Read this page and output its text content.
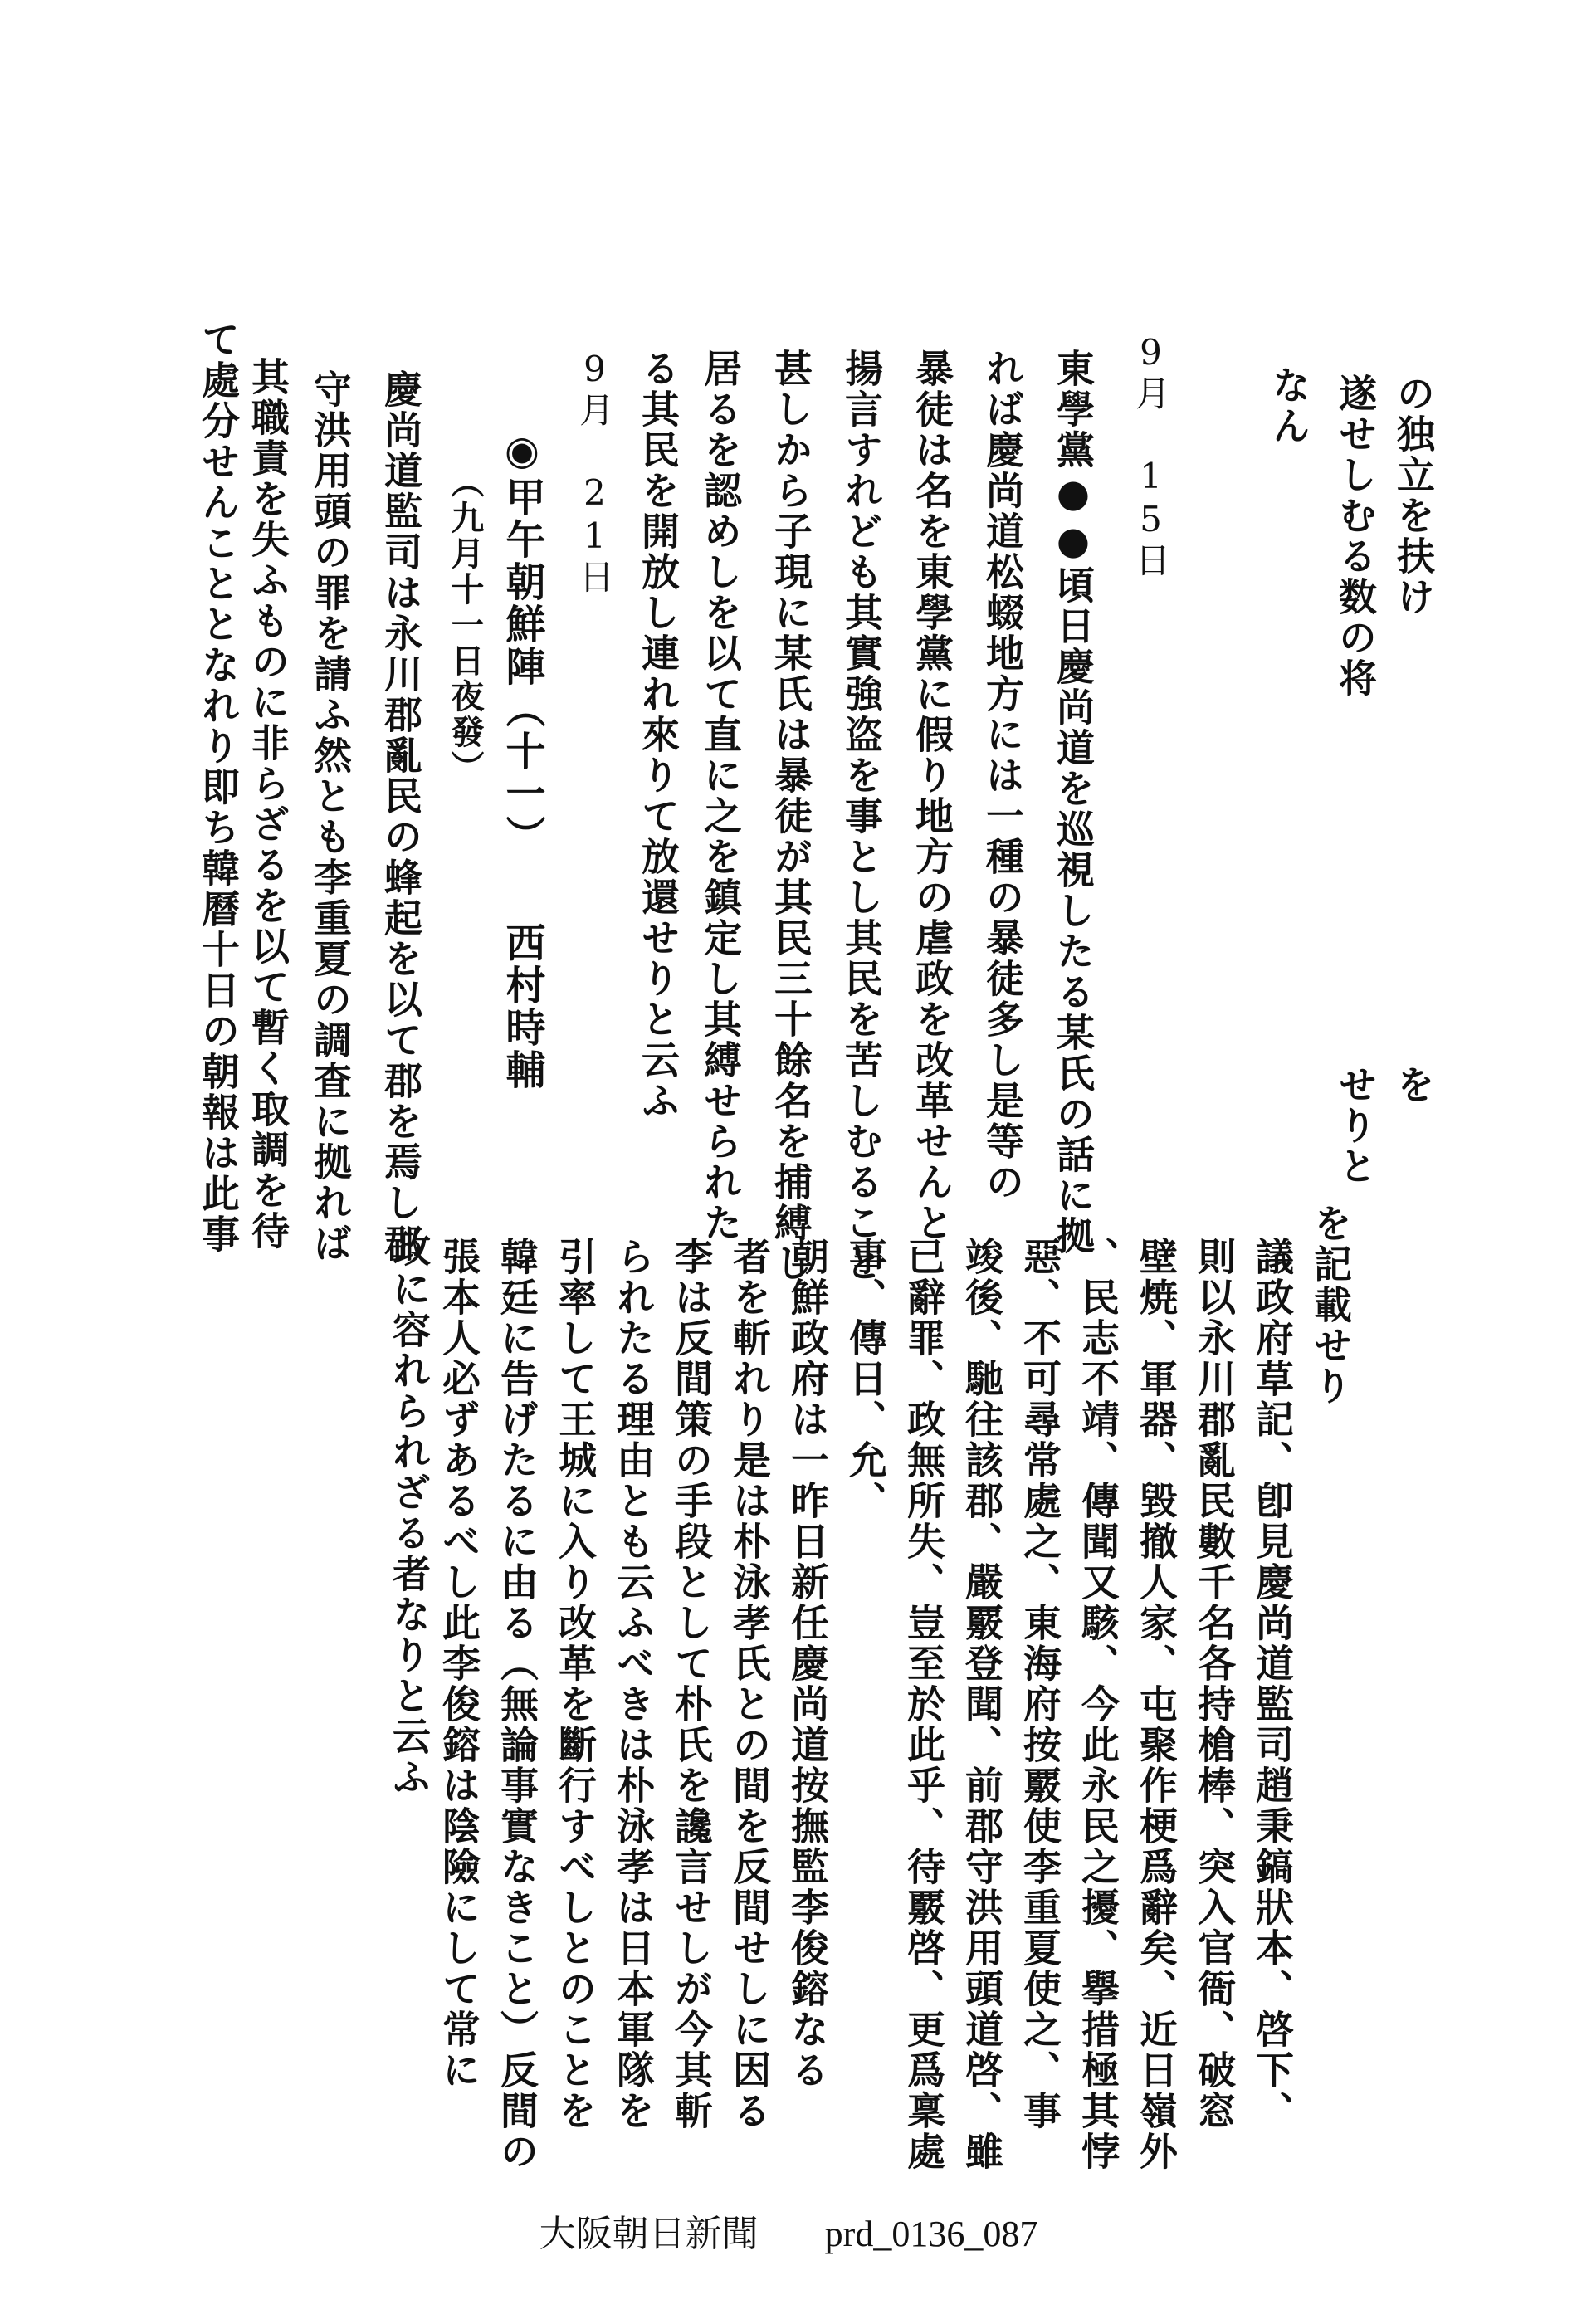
なん 遂せしむる数の将　　　　　　　　　せりと の独立を扶け　　　　　　　　　　　を
9月 15日
東學黨●●頃日慶尚道を巡視したる某氏の話に拠
れば慶尚道松蝃地方には一種の暴徒多し是等の
暴徒は名を東學黨に假り地方の虐政を改革せんと
揚言すれども其實強盗を事とし其民を苦しむること
甚しから子現に某氏は暴徒が其民三十餘名を捕縛し
居るを認めしを以て直に之を鎮定し其縛せられた
る其民を開放し連れ來りて放還せりと云ふ
9月 21日
◉甲午朝鮮陣（十一）　　西村時輔
（九月十一日夜發）
慶尚道監司は永川郡亂民の蜂起を以て郡を焉し郡
守洪用頭の罪を請ふ然とも李重夏の調査に拠れば
其職責を失ふものに非らざるを以て暫く取調を待
て處分せんこととなれり即ち韓曆十日の朝報は此事
を記載せり
議政府草記、卽見慶尚道監司趙秉鎬狀本、啓下、
則以永川郡亂民數千名各持槍棒、突入官衙、破窓
壁焼、軍器、毀撤人家、屯聚作梗爲辭矣、近日嶺外
、民志不靖、傳聞又駭、今此永民之擾、擧措極其悖
惡、不可尋常處之、東海府按覈使李重夏使之、事
竣後、馳往該郡、嚴覈登聞、前郡守洪用頭道啓、雖
已辭罪、政無所失、豈至於此乎、待覈啓、更爲稟處
事、傳日、允、
朝鮮政府は一昨日新任慶尚道按撫監李俊鎔なる
者を斬れり是は朴泳孝氏との間を反間せしに因る
李は反間策の手段として朴氏を讒言せしが今其斬
られたる理由とも云ふべきは朴泳孝は日本軍隊を
引率して王城に入り改革を斷行すべしとのことを
韓廷に告げたるに由る（無論事實なきこと）反間の
張本人必ずあるべし此李俊鎔は陰險にして常に
政に容れられざる者なりと云ふ
大阪朝日新聞 prd_0136_087
